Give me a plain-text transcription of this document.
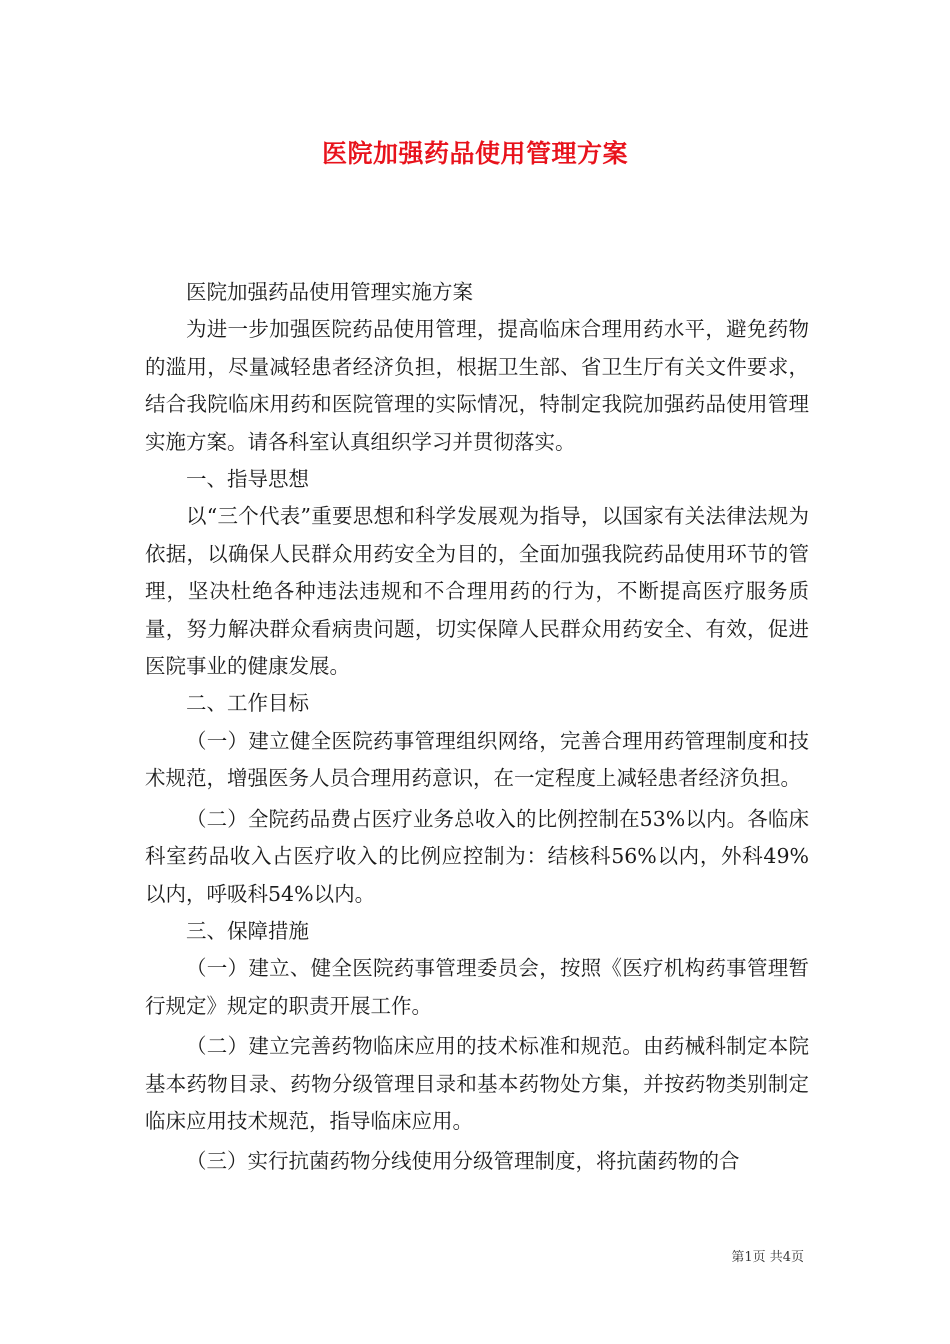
医院加强药品使用管理方案

医院加强药品使用管理实施方案

为进一步加强医院药品使用管理，提高临床合理用药水平，避免药物的滥用，尽量减轻患者经济负担，根据卫生部、省卫生厅有关文件要求，结合我院临床用药和医院管理的实际情况，特制定我院加强药品使用管理实施方案。请各科室认真组织学习并贯彻落实。

一、指导思想

以“三个代表”重要思想和科学发展观为指导，以国家有关法律法规为依据，以确保人民群众用药安全为目的，全面加强我院药品使用环节的管理，坚决杜绝各种违法违规和不合理用药的行为，不断提高医疗服务质量，努力解决群众看病贵问题，切实保障人民群众用药安全、有效，促进医院事业的健康发展。

二、工作目标

（一）建立健全医院药事管理组织网络，完善合理用药管理制度和技术规范，增强医务人员合理用药意识，在一定程度上减轻患者经济负担。

（二）全院药品费占医疗业务总收入的比例控制在53%以内。各临床科室药品收入占医疗收入的比例应控制为：结核科56%以内，外科49%以内，呼吸科54%以内。

三、保障措施

（一）建立、健全医院药事管理委员会，按照《医疗机构药事管理暂行规定》规定的职责开展工作。

（二）建立完善药物临床应用的技术标准和规范。由药械科制定本院基本药物目录、药物分级管理目录和基本药物处方集，并按药物类别制定临床应用技术规范，指导临床应用。

（三）实行抗菌药物分线使用分级管理制度，将抗菌药物的合

第1页 共4页
